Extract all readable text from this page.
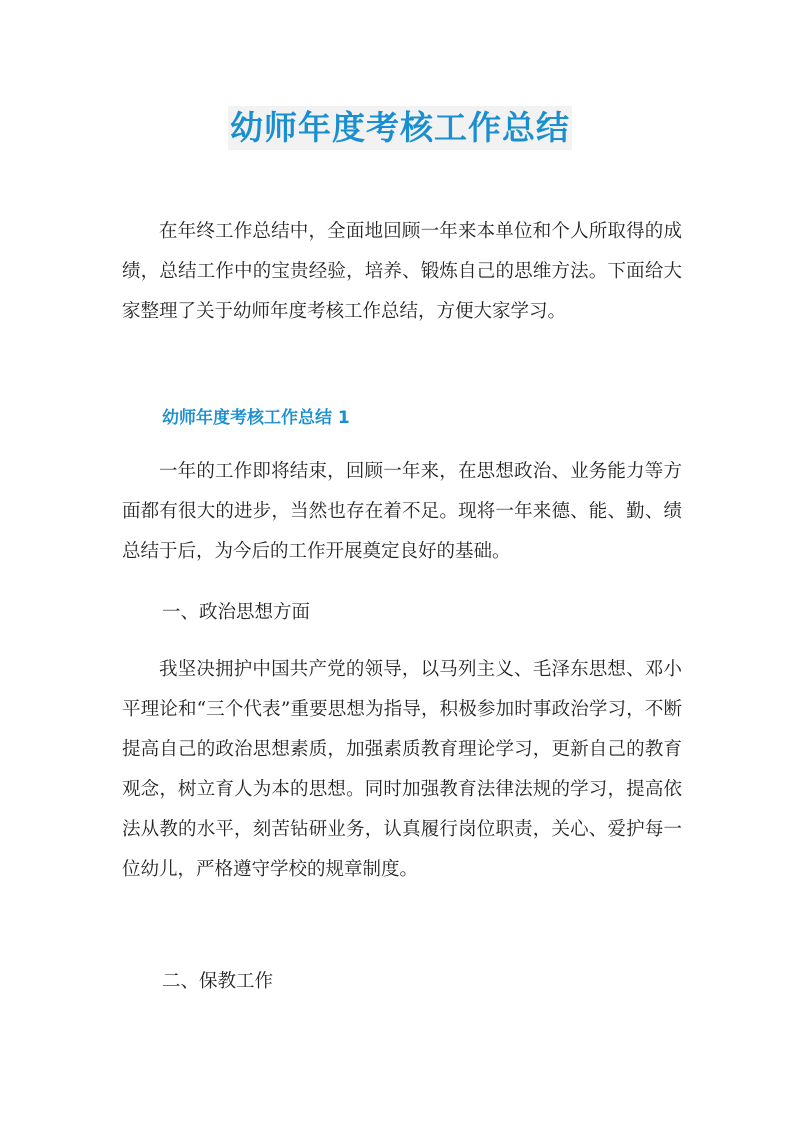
幼师年度考核工作总结

在年终工作总结中，全面地回顾一年来本单位和个人所取得的成绩，总结工作中的宝贵经验，培养、锻炼自己的思维方法。下面给大家整理了关于幼师年度考核工作总结，方便大家学习。

幼师年度考核工作总结 1

一年的工作即将结束，回顾一年来，在思想政治、业务能力等方面都有很大的进步，当然也存在着不足。现将一年来德、能、勤、绩总结于后，为今后的工作开展奠定良好的基础。

一、政治思想方面

我坚决拥护中国共产党的领导，以马列主义、毛泽东思想、邓小平理论和“三个代表”重要思想为指导，积极参加时事政治学习，不断提高自己的政治思想素质，加强素质教育理论学习，更新自己的教育观念，树立育人为本的思想。同时加强教育法律法规的学习，提高依法从教的水平，刻苦钻研业务，认真履行岗位职责，关心、爱护每一位幼儿，严格遵守学校的规章制度。

二、保教工作
